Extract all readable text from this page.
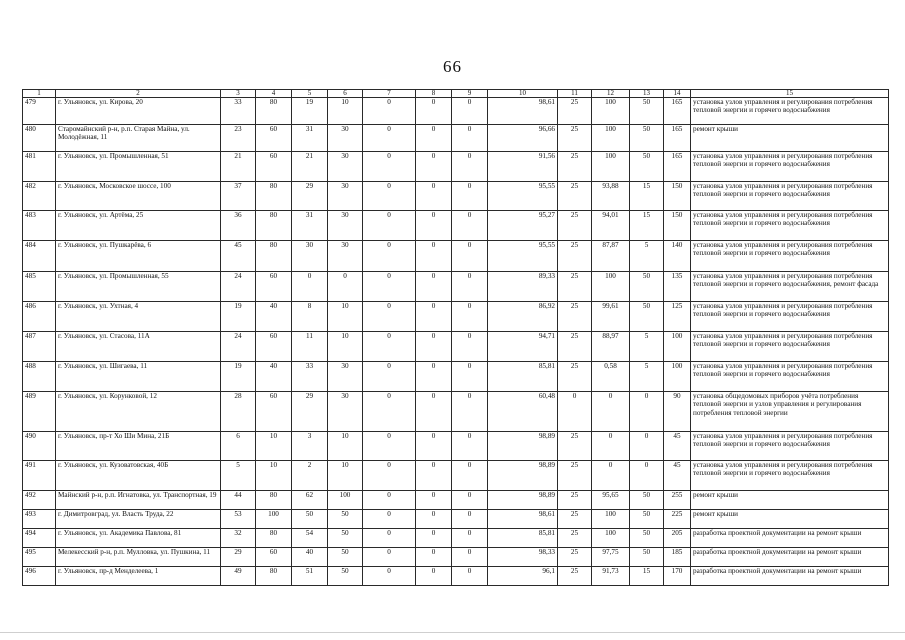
66
1	2	3	4	5	6	7	8	9	10	11	12	13	14	15
479	г. Ульяновск, ул. Кирова, 20	33	80	19	10	0	0	0	98,61	25	100	50	165	установка узлов управления и регулирования потребления тепловой энергии и горячего водоснабжения
480	Старомайнский р-н, р.п. Старая Майна, ул. Молодёжная, 11	23	60	31	30	0	0	0	96,66	25	100	50	165	ремонт крыши
481	г. Ульяновск, ул. Промышленная, 51	21	60	21	30	0	0	0	91,56	25	100	50	165	установка узлов управления и регулирования потребления тепловой энергии и горячего водоснабжения
482	г. Ульяновск, Московское шоссе, 100	37	80	29	30	0	0	0	95,55	25	93,88	15	150	установка узлов управления и регулирования потребления тепловой энергии и горячего водоснабжения
483	г. Ульяновск, ул. Артёма, 25	36	80	31	30	0	0	0	95,27	25	94,01	15	150	установка узлов управления и регулирования потребления тепловой энергии и горячего водоснабжения
484	г. Ульяновск, ул. Пушкарёва, 6	45	80	30	30	0	0	0	95,55	25	87,87	5	140	установка узлов управления и регулирования потребления тепловой энергии и горячего водоснабжения
485	г. Ульяновск, ул. Промышленная, 55	24	60	0	0	0	0	0	89,33	25	100	50	135	установка узлов управления и регулирования потребления тепловой энергии и горячего водоснабжения, ремонт фасада
486	г. Ульяновск, ул. Ухтная, 4	19	40	8	10	0	0	0	86,92	25	99,61	50	125	установка узлов управления и регулирования потребления тепловой энергии и горячего водоснабжения
487	г. Ульяновск, ул. Стасова, 11А	24	60	11	10	0	0	0	94,71	25	88,97	5	100	установка узлов управления и регулирования потребления тепловой энергии и горячего водоснабжения
488	г. Ульяновск, ул. Шигаева, 11	19	40	33	30	0	0	0	85,81	25	0,58	5	100	установка узлов управления и регулирования потребления тепловой энергии и горячего водоснабжения
489	г. Ульяновск, ул. Корунковой, 12	28	60	29	30	0	0	0	60,48	0	0	0	90	установка общедомовых приборов учёта потребления тепловой энергии и узлов управления и регулирования потребления тепловой энергии
490	г. Ульяновск, пр-т Хо Ши Мина, 21Б	6	10	3	10	0	0	0	98,89	25	0	0	45	установка узлов управления и регулирования потребления тепловой энергии и горячего водоснабжения
491	г. Ульяновск, ул. Кузоватовская, 40Б	5	10	2	10	0	0	0	98,89	25	0	0	45	установка узлов управления и регулирования потребления тепловой энергии и горячего водоснабжения
492	Майнский р-н, р.п. Игнатовка, ул. Транспортная, 19	44	80	62	100	0	0	0	98,89	25	95,65	50	255	ремонт крыши
493	г. Димитровград, ул. Власть Труда, 22	53	100	50	50	0	0	0	98,61	25	100	50	225	ремонт крыши
494	г. Ульяновск, ул. Академика Павлова, 81	32	80	54	50	0	0	0	85,81	25	100	50	205	разработка проектной документации на ремонт крыши
495	Мелекесский р-н, р.п. Мулловка, ул. Пушкина, 11	29	60	40	50	0	0	0	98,33	25	97,75	50	185	разработка проектной документации на ремонт крыши
496	г. Ульяновск, пр-д Менделеева, 1	49	80	51	50	0	0	0	96,1	25	91,73	15	170	разработка проектной документации на ремонт крыши
